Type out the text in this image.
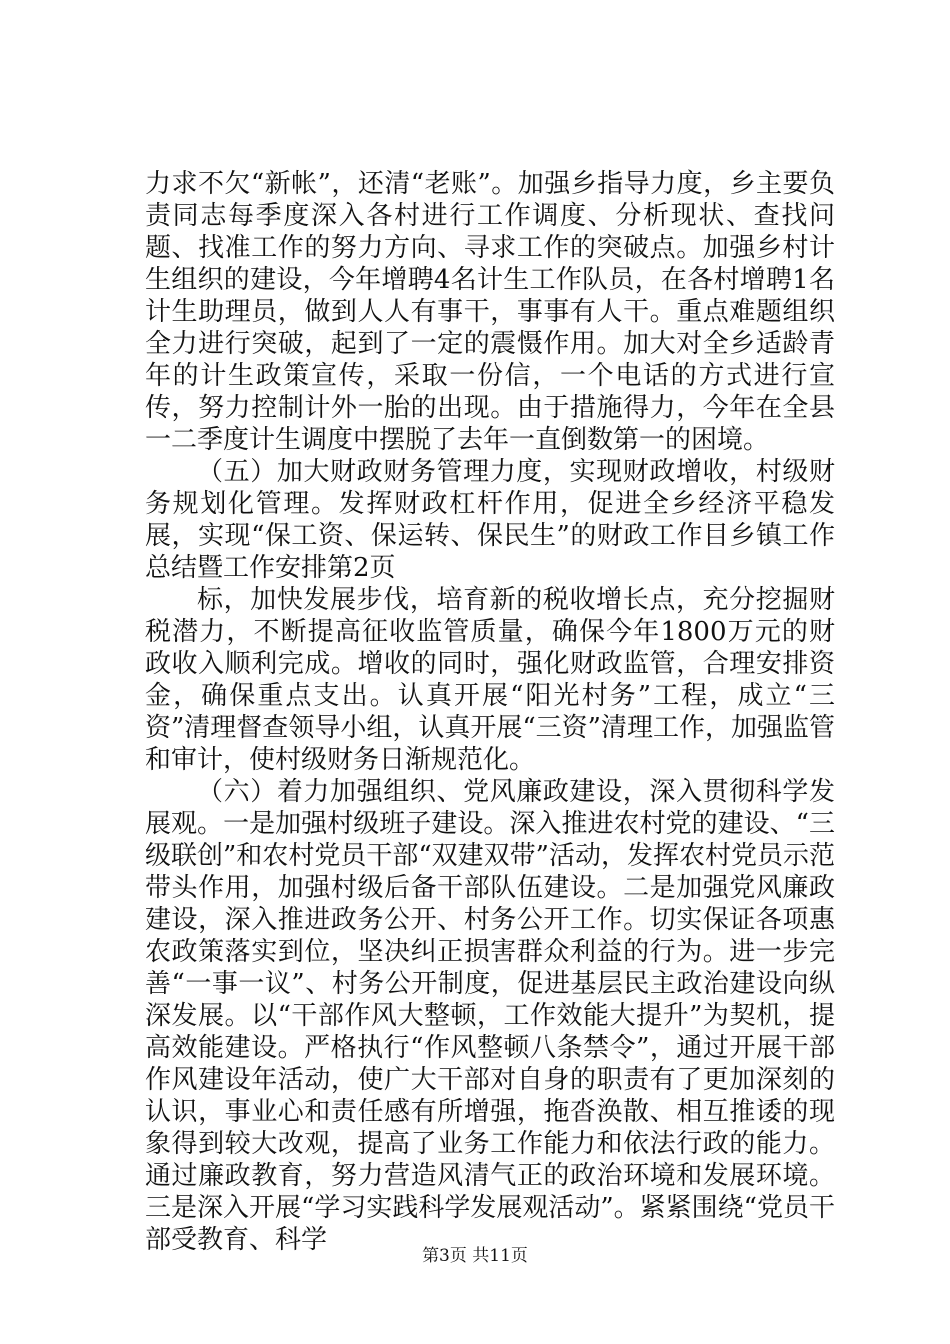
力求不欠“新帐”，还清“老账”。加强乡指导力度，乡主要负责同志每季度深入各村进行工作调度、分析现状、查找问题、找准工作的努力方向、寻求工作的突破点。加强乡村计生组织的建设，今年增聘4名计生工作队员，在各村增聘1名计生助理员，做到人人有事干，事事有人干。重点难题组织全力进行突破，起到了一定的震慑作用。加大对全乡适龄青年的计生政策宣传，采取一份信，一个电话的方式进行宣传，努力控制计外一胎的出现。由于措施得力，今年在全县一二季度计生调度中摆脱了去年一直倒数第一的困境。

（五）加大财政财务管理力度，实现财政增收，村级财务规划化管理。发挥财政杠杆作用，促进全乡经济平稳发展，实现“保工资、保运转、保民生”的财政工作目乡镇工作总结暨工作安排第2页

标，加快发展步伐，培育新的税收增长点，充分挖掘财税潜力，不断提高征收监管质量，确保今年1800万元的财政收入顺利完成。增收的同时，强化财政监管，合理安排资金，确保重点支出。认真开展“阳光村务”工程，成立“三资”清理督查领导小组，认真开展“三资”清理工作，加强监管和审计，使村级财务日渐规范化。

（六）着力加强组织、党风廉政建设，深入贯彻科学发展观。一是加强村级班子建设。深入推进农村党的建设、“三级联创”和农村党员干部“双建双带”活动，发挥农村党员示范带头作用，加强村级后备干部队伍建设。二是加强党风廉政建设，深入推进政务公开、村务公开工作。切实保证各项惠农政策落实到位，坚决纠正损害群众利益的行为。进一步完善“一事一议”、村务公开制度，促进基层民主政治建设向纵深发展。以“干部作风大整顿，工作效能大提升”为契机，提高效能建设。严格执行“作风整顿八条禁令”，通过开展干部作风建设年活动，使广大干部对自身的职责有了更加深刻的认识，事业心和责任感有所增强，拖沓涣散、相互推诿的现象得到较大改观，提高了业务工作能力和依法行政的能力。通过廉政教育，努力营造风清气正的政治环境和发展环境。三是深入开展“学习实践科学发展观活动”。紧紧围绕“党员干部受教育、科学

第3页 共11页
